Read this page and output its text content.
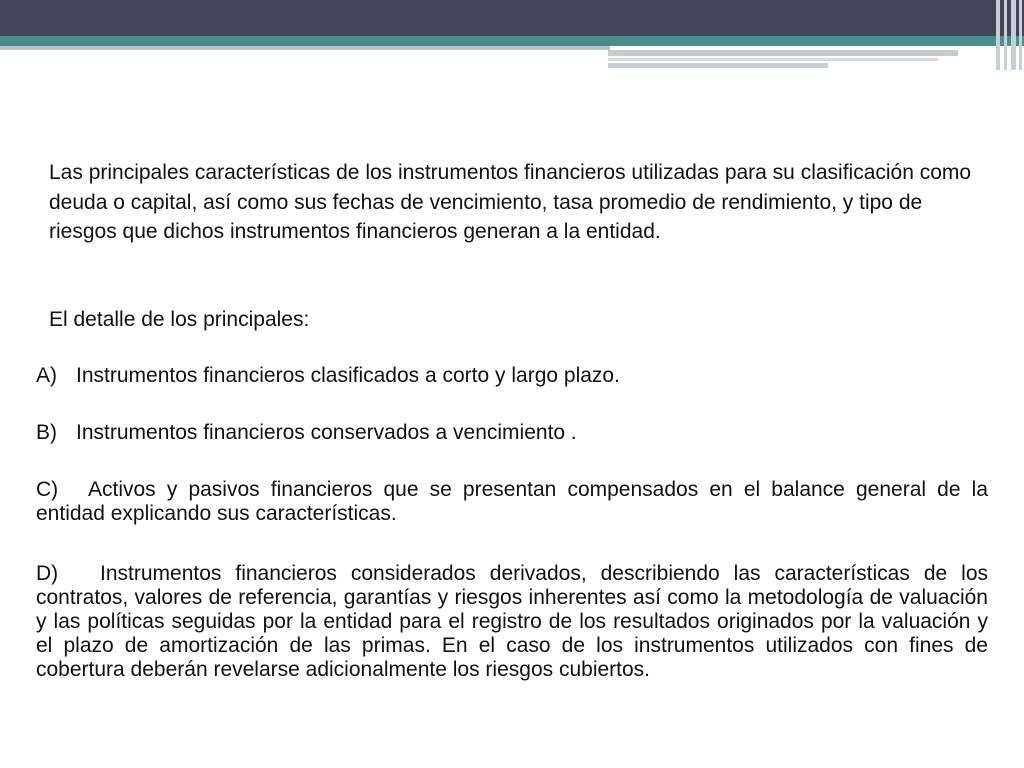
Las principales características de los instrumentos financieros utilizadas para su clasificación como deuda o capital, así como sus fechas de vencimiento, tasa promedio de rendimiento, y tipo de riesgos que dichos instrumentos financieros generan a la entidad.

El detalle de los principales:

A) Instrumentos financieros clasificados a corto y largo plazo.

B) Instrumentos financieros conservados a vencimiento .

C) Activos y pasivos financieros que se presentan compensados en el balance general de la entidad explicando sus características.

D) Instrumentos financieros considerados derivados, describiendo las características de los contratos, valores de referencia, garantías y riesgos inherentes así como la metodología de valuación y las políticas seguidas por la entidad para el registro de los resultados originados por la valuación y el plazo de amortización de las primas. En el caso de los instrumentos utilizados con fines de cobertura deberán revelarse adicionalmente los riesgos cubiertos.
